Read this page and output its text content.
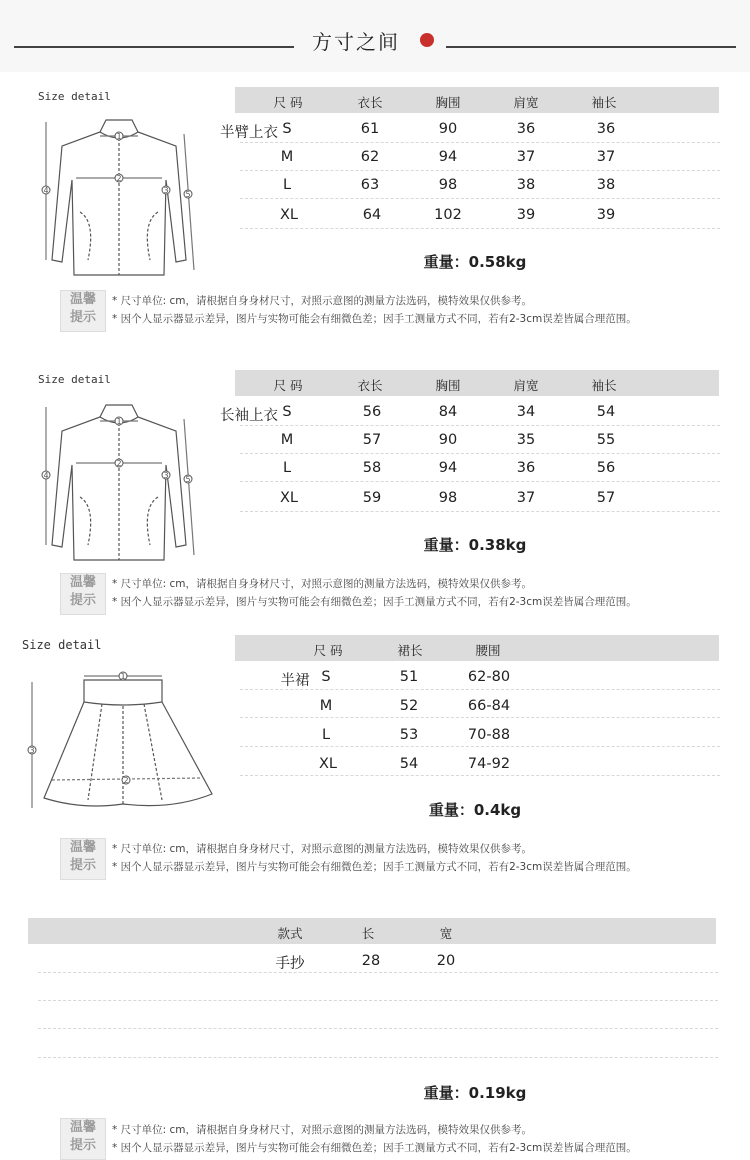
方寸之间
Size detail
1
2
3
4	5
尺 码	衣长	胸围	肩宽	袖长
半臂上衣 S	61	90	36	36
M	62	94	37	37
L	63	98	38	38
XL	64	102	39	39
重量：0.58kg
温馨
提示
* 尺寸单位: cm，请根据自身身材尺寸，对照示意图的测量方法选码，模特效果仅供参考。
* 因个人显示器显示差异，图片与实物可能会有细微色差；因手工测量方式不同，若有2-3cm误差皆属合理范围。
Size detail
1
2
3
4	5
尺 码	衣长	胸围	肩宽	袖长
长袖上衣 S	56	84	34	54
M	57	90	35	55
L	58	94	36	56
XL	59	98	37	57
重量：0.38kg
温馨
提示
* 尺寸单位: cm，请根据自身身材尺寸，对照示意图的测量方法选码，模特效果仅供参考。
* 因个人显示器显示差异，图片与实物可能会有细微色差；因手工测量方式不同，若有2-3cm误差皆属合理范围。
Size detail
1
2
3
尺 码	裙长	腰围
半裙 S	51	62-80
M	52	66-84
L	53	70-88
XL	54	74-92
重量：0.4kg
温馨
提示
* 尺寸单位: cm，请根据自身身材尺寸，对照示意图的测量方法选码，模特效果仅供参考。
* 因个人显示器显示差异，图片与实物可能会有细微色差；因手工测量方式不同，若有2-3cm误差皆属合理范围。
款式	长	宽
手抄	28	20
重量：0.19kg
温馨
提示
* 尺寸单位: cm，请根据自身身材尺寸，对照示意图的测量方法选码，模特效果仅供参考。
* 因个人显示器显示差异，图片与实物可能会有细微色差；因手工测量方式不同，若有2-3cm误差皆属合理范围。
